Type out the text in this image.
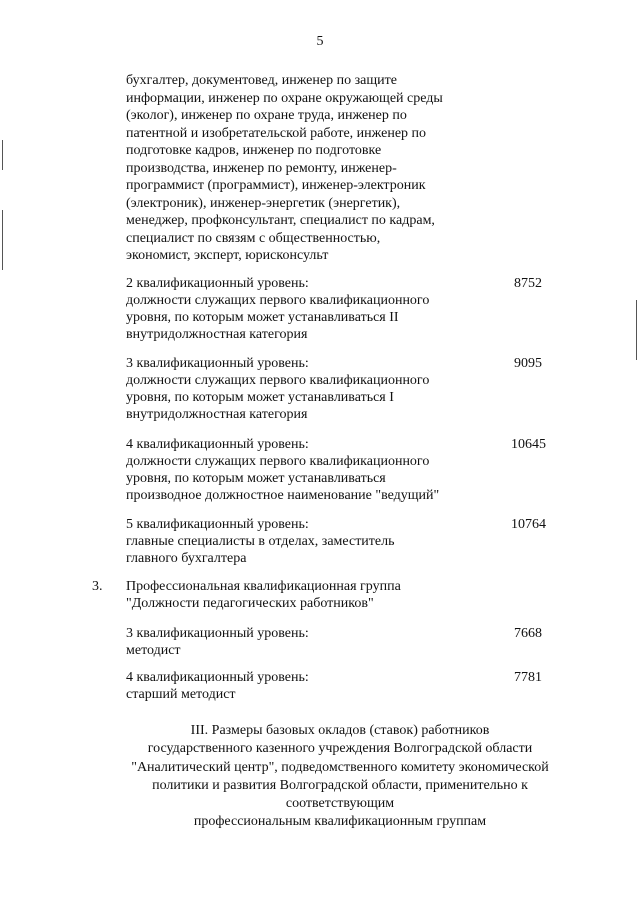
5
бухгалтер, документовед, инженер по защите
информации, инженер по охране окружающей среды
(эколог), инженер по охране труда, инженер по
патентной и изобретательской работе, инженер по
подготовке кадров, инженер по подготовке
производства, инженер по ремонту, инженер-
программист (программист), инженер-электроник
(электроник), инженер-энергетик (энергетик),
менеджер, профконсультант, специалист по кадрам,
специалист по связям с общественностью,
экономист, эксперт, юрисконсульт
2 квалификационный уровень:
должности служащих первого квалификационного
уровня, по которым может устанавливаться II
внутридолжностная категория
8752
3 квалификационный уровень:
должности служащих первого квалификационного
уровня, по которым может устанавливаться I
внутридолжностная категория
9095
4 квалификационный уровень:
должности служащих первого квалификационного
уровня, по которым может устанавливаться
производное должностное наименование "ведущий"
10645
5 квалификационный уровень:
главные специалисты в отделах, заместитель
главного бухгалтера
10764
3. Профессиональная квалификационная группа
"Должности педагогических работников"
3 квалификационный уровень:
методист
7668
4 квалификационный уровень:
старший методист
7781
III. Размеры базовых окладов (ставок) работников
государственного казенного учреждения Волгоградской области
"Аналитический центр", подведомственного комитету экономической
политики и развития Волгоградской области, применительно к
соответствующим
профессиональным квалификационным группам
